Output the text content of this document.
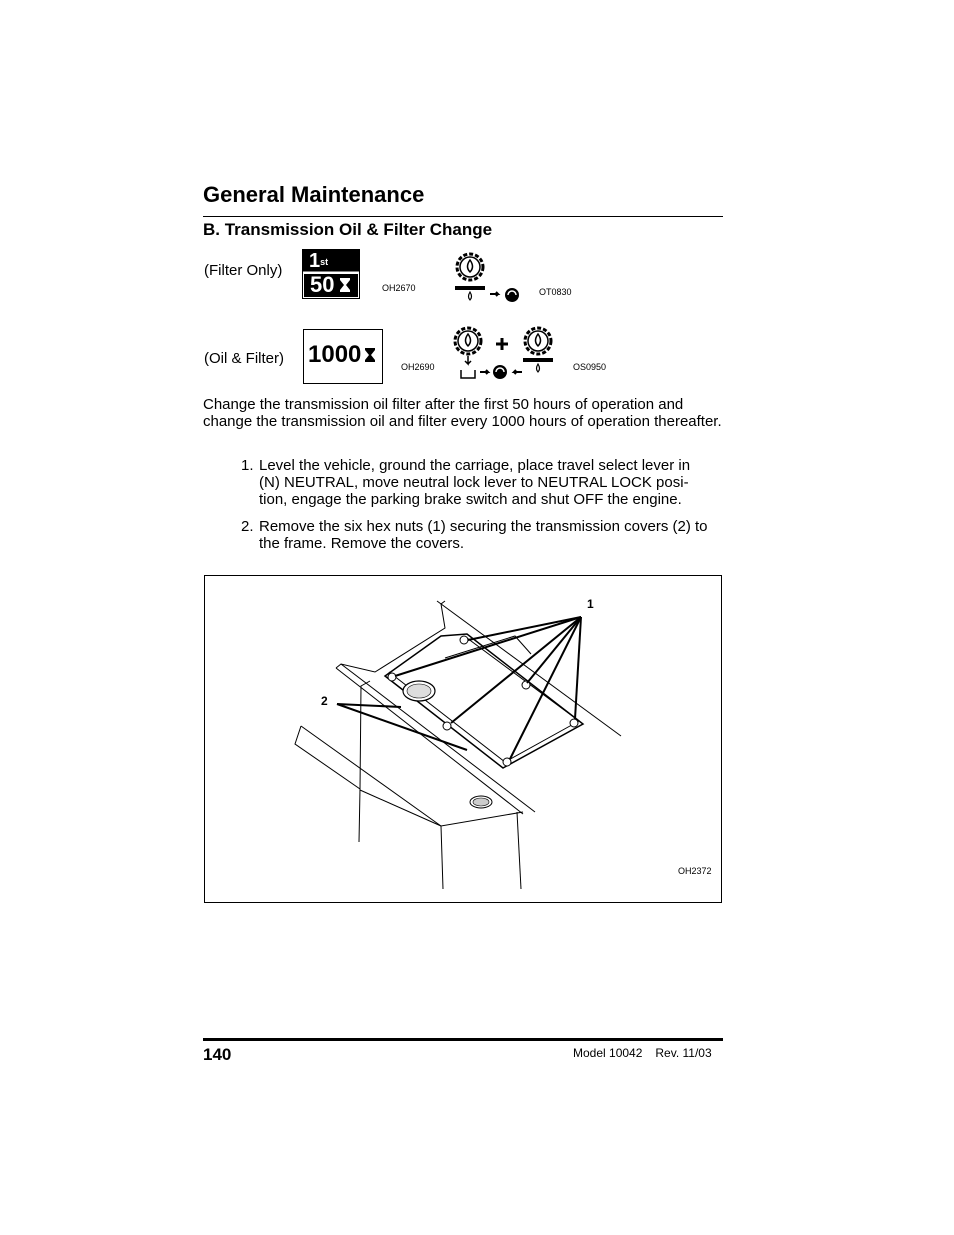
General Maintenance
B. Transmission Oil & Filter Change
(Filter Only) 1st
50	OH2670	OT0830
(Oil & Filter) 1000	OH2690	OS0950
Change the transmission oil filter after the first 50 hours of operation and change the transmission oil and filter every 1000 hours of operation thereafter.
1. Level the vehicle, ground the carriage, place travel select lever in
(N) NEUTRAL, move neutral lock lever to NEUTRAL LOCK posi-
tion, engage the parking brake switch and shut OFF the engine.
2. Remove the six hex nuts (1) securing the transmission covers (2) to
the frame. Remove the covers.
1
2
OH2372
140	Model 10042 Rev. 11/03
